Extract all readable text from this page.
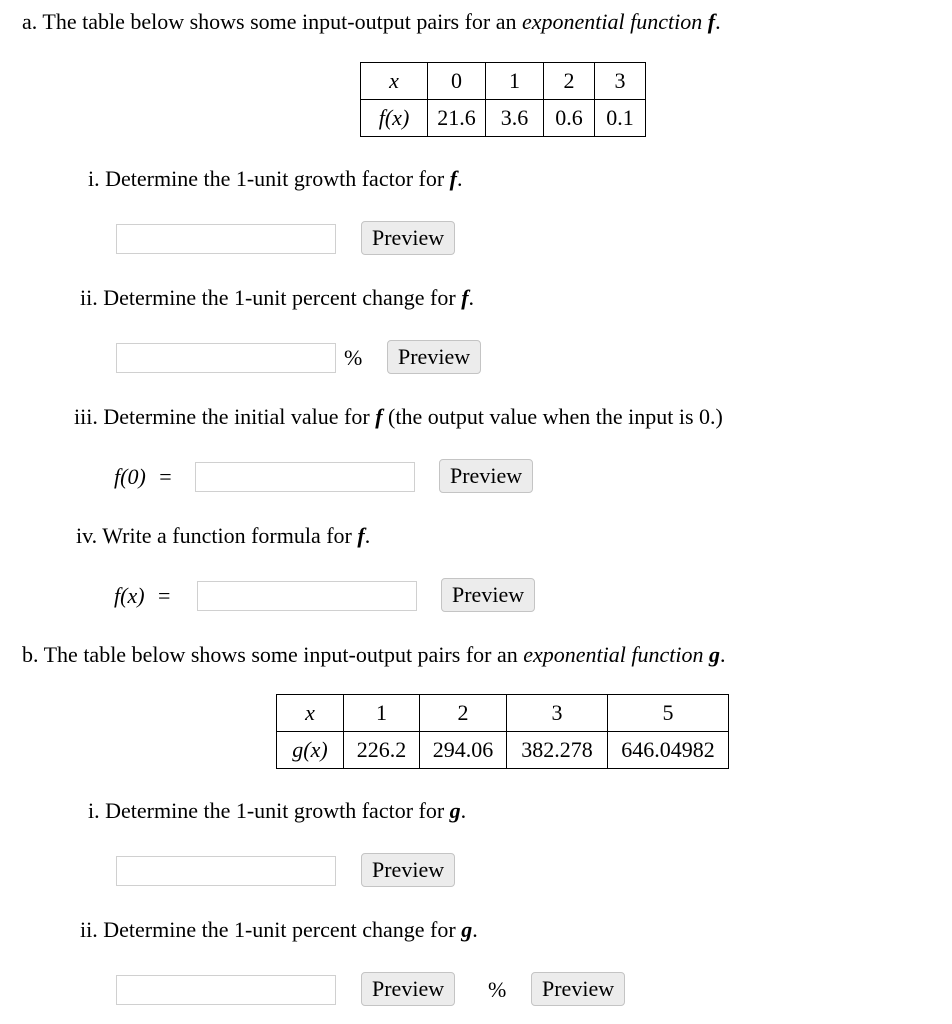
a. The table below shows some input-output pairs for an exponential function f.
x	0	1	2	3
f(x)	21.6	3.6	0.6	0.1
i. Determine the 1-unit growth factor for f.
Preview
ii. Determine the 1-unit percent change for f.
%	Preview
iii. Determine the initial value for f (the output value when the input is 0.)
f(0) =	Preview
iv. Write a function formula for f.
f(x) =	Preview
b. The table below shows some input-output pairs for an exponential function g.
x	1	2	3	5
g(x)	226.2	294.06	382.278	646.04982
i. Determine the 1-unit growth factor for g.
Preview
ii. Determine the 1-unit percent change for g.
Preview	%	Preview
